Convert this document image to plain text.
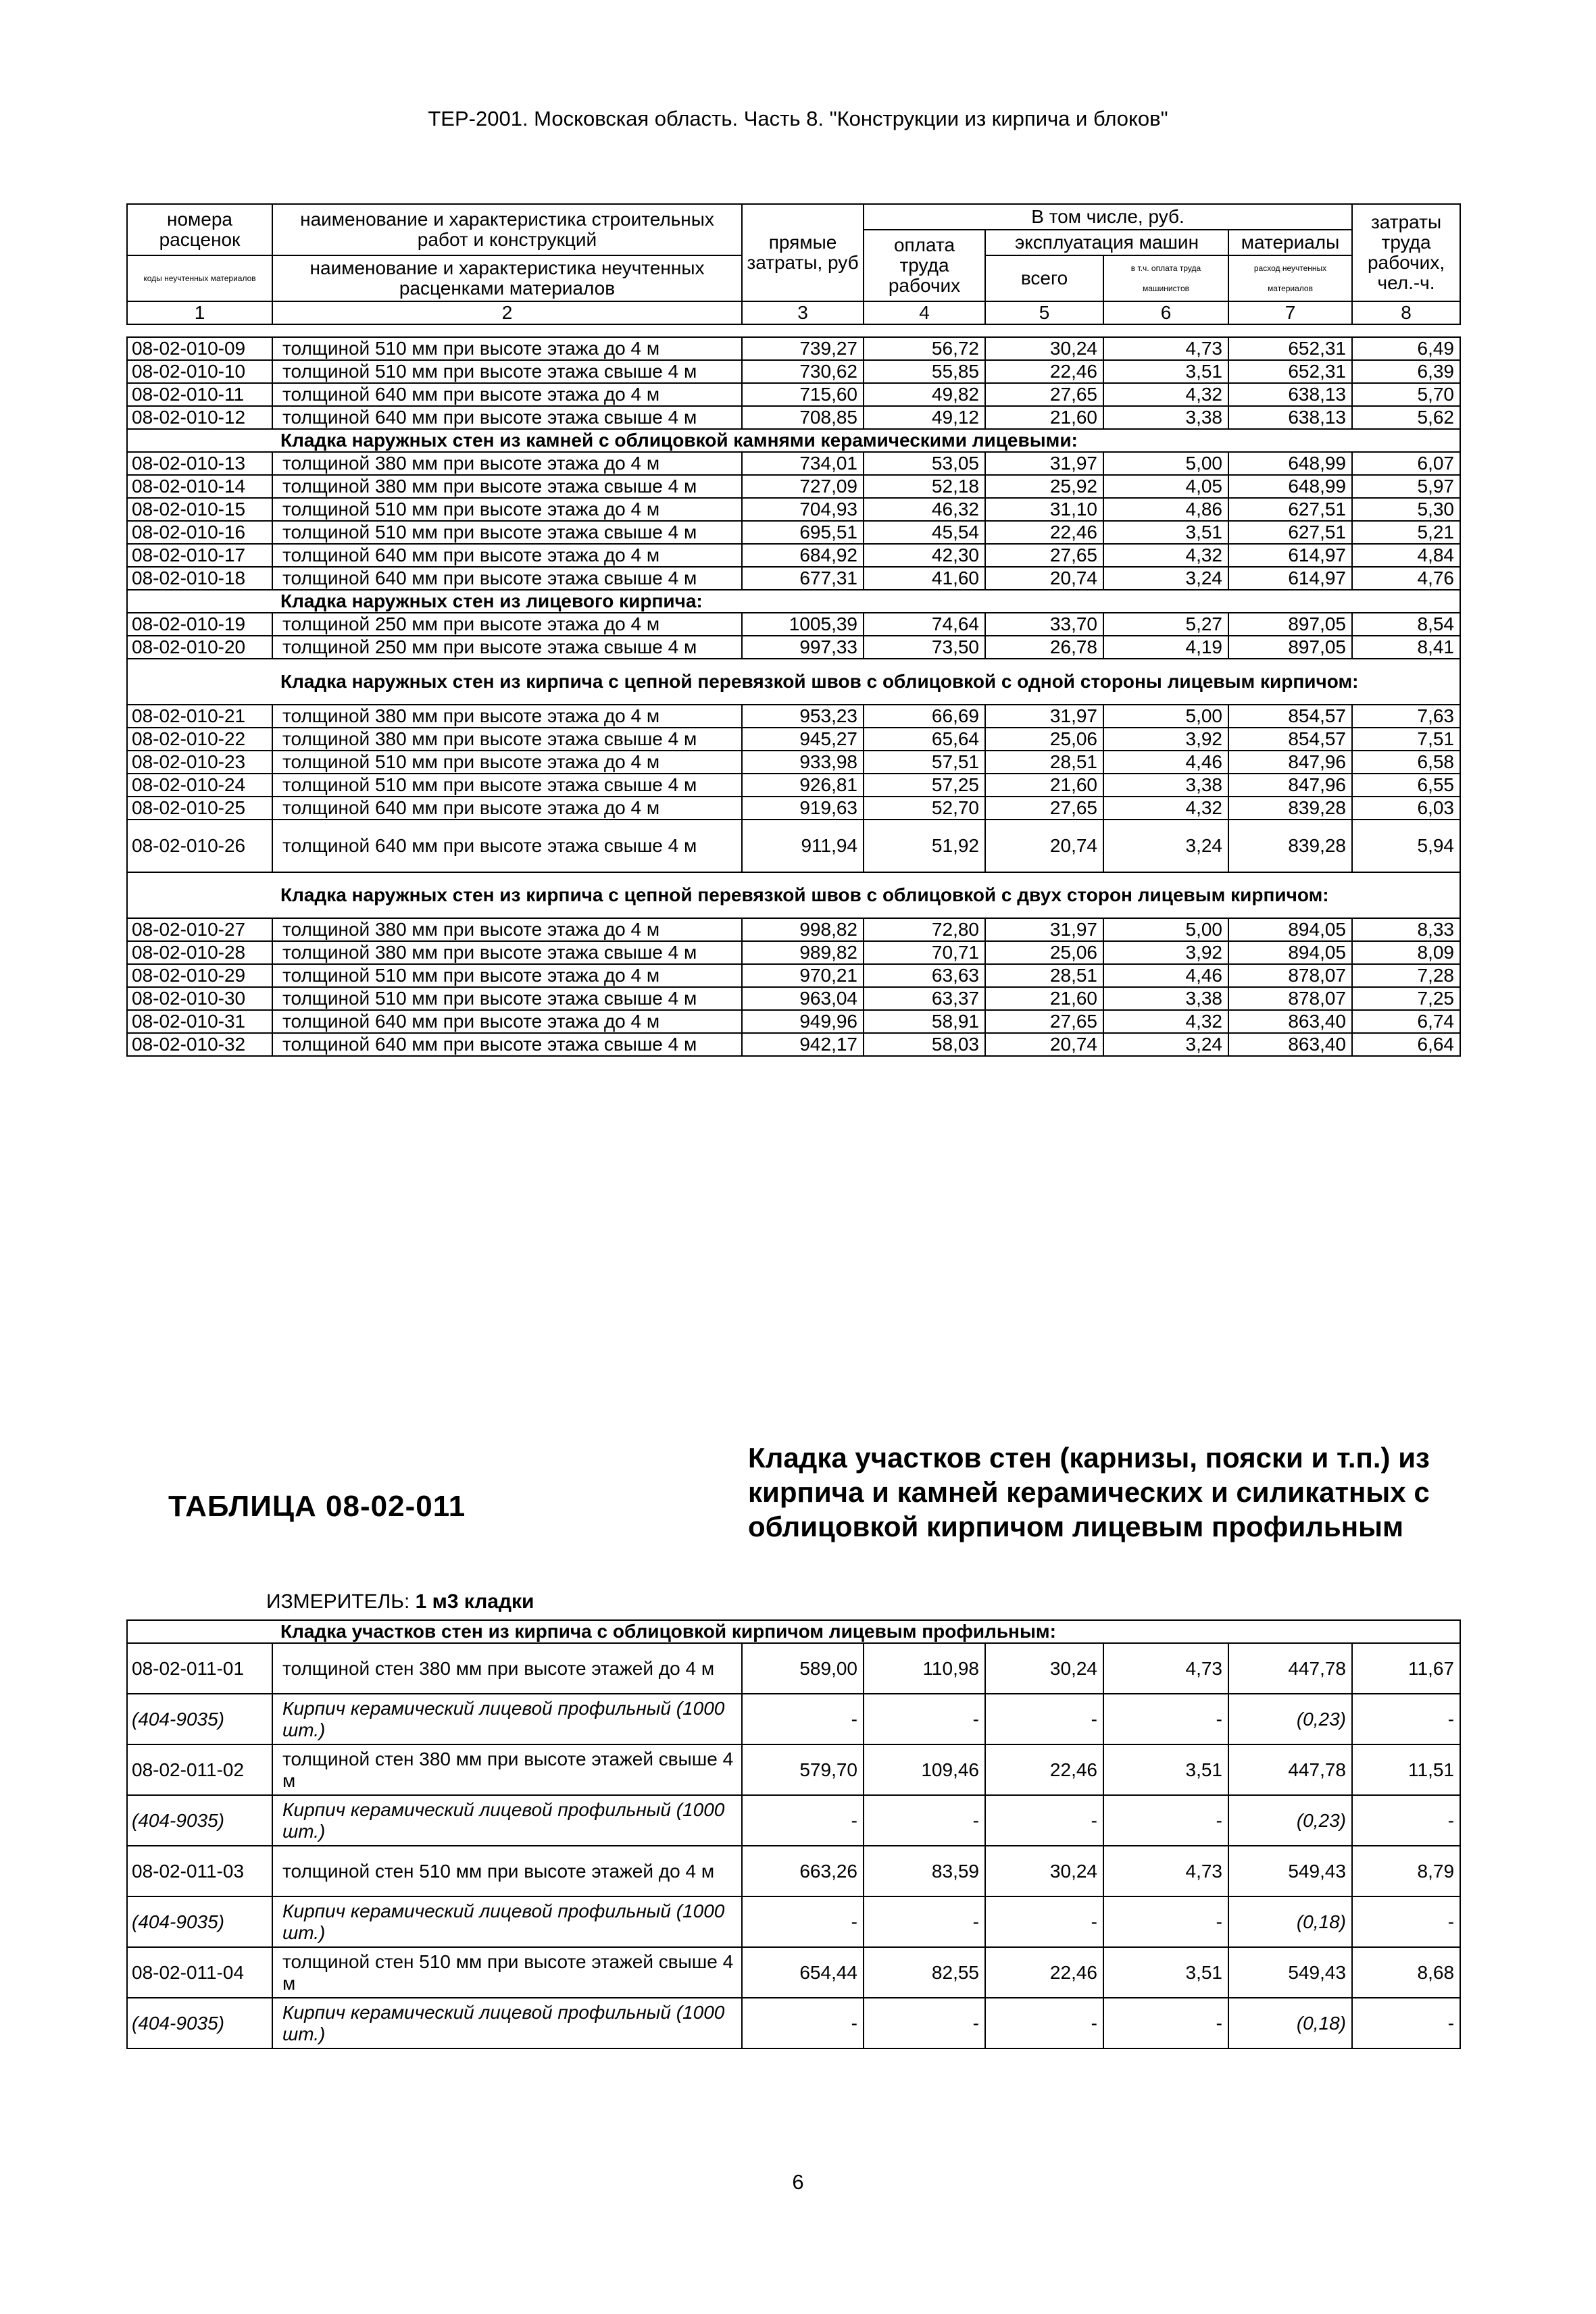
ТЕР-2001. Московская область. Часть 8. "Конструкции из кирпича и блоков"
номера расценок	наименование и характеристика строительных работ и конструкций	прямые затраты, руб	В том числе, руб.				затраты труда рабочих, чел.-ч.
			оплата труда рабочих	эксплуатация машин		материалы	
коды неучтенных материалов	наименование и характеристика неучтенных расценками материалов			всего	в т.ч. оплата труда машинистов	расход неучтенных материалов	

1	2	3	4	5	6	7	8
08-02-010-09	толщиной 510 мм при высоте этажа до 4 м	739,27	56,72	30,24	4,73	652,31	6,49
08-02-010-10	толщиной 510 мм при высоте этажа свыше 4 м	730,62	55,85	22,46	3,51	652,31	6,39
08-02-010-11	толщиной 640 мм при высоте этажа до 4 м	715,60	49,82	27,65	4,32	638,13	5,70
08-02-010-12	толщиной 640 мм при высоте этажа свыше 4 м	708,85	49,12	21,60	3,38	638,13	5,62
Кладка наружных стен из камней с облицовкой камнями керамическими лицевыми:							
08-02-010-13	толщиной 380 мм при высоте этажа до 4 м	734,01	53,05	31,97	5,00	648,99	6,07
08-02-010-14	толщиной 380 мм при высоте этажа свыше 4 м	727,09	52,18	25,92	4,05	648,99	5,97
08-02-010-15	толщиной 510 мм при высоте этажа до 4 м	704,93	46,32	31,10	4,86	627,51	5,30
08-02-010-16	толщиной 510 мм при высоте этажа свыше 4 м	695,51	45,54	22,46	3,51	627,51	5,21
08-02-010-17	толщиной 640 мм при высоте этажа до 4 м	684,92	42,30	27,65	4,32	614,97	4,84
08-02-010-18	толщиной 640 мм при высоте этажа свыше 4 м	677,31	41,60	20,74	3,24	614,97	4,76
Кладка наружных стен из лицевого кирпича:							
08-02-010-19	толщиной 250 мм при высоте этажа до 4 м	1005,39	74,64	33,70	5,27	897,05	8,54
08-02-010-20	толщиной 250 мм при высоте этажа свыше 4 м	997,33	73,50	26,78	4,19	897,05	8,41
Кладка наружных стен из кирпича с цепной перевязкой швов с облицовкой с одной стороны лицевым кирпичом:							
08-02-010-21	толщиной 380 мм при высоте этажа до 4 м	953,23	66,69	31,97	5,00	854,57	7,63
08-02-010-22	толщиной 380 мм при высоте этажа свыше 4 м	945,27	65,64	25,06	3,92	854,57	7,51
08-02-010-23	толщиной 510 мм при высоте этажа до 4 м	933,98	57,51	28,51	4,46	847,96	6,58
08-02-010-24	толщиной 510 мм при высоте этажа свыше 4 м	926,81	57,25	21,60	3,38	847,96	6,55
08-02-010-25	толщиной 640 мм при высоте этажа до 4 м	919,63	52,70	27,65	4,32	839,28	6,03
08-02-010-26	толщиной 640 мм при высоте этажа свыше 4 м	911,94	51,92	20,74	3,24	839,28	5,94
Кладка наружных стен из кирпича с цепной перевязкой швов с облицовкой с двух сторон лицевым кирпичом:							
08-02-010-27	толщиной 380 мм при высоте этажа до 4 м	998,82	72,80	31,97	5,00	894,05	8,33
08-02-010-28	толщиной 380 мм при высоте этажа свыше 4 м	989,82	70,71	25,06	3,92	894,05	8,09
08-02-010-29	толщиной 510 мм при высоте этажа до 4 м	970,21	63,63	28,51	4,46	878,07	7,28
08-02-010-30	толщиной 510 мм при высоте этажа свыше 4 м	963,04	63,37	21,60	3,38	878,07	7,25
08-02-010-31	толщиной 640 мм при высоте этажа до 4 м	949,96	58,91	27,65	4,32	863,40	6,74
08-02-010-32	толщиной 640 мм при высоте этажа свыше 4 м	942,17	58,03	20,74	3,24	863,40	6,64
ТАБЛИЦА 08-02-011
Кладка участков стен (карнизы, пояски и т.п.) из кирпича и камней керамических и силикатных с облицовкой кирпичом лицевым профильным
ИЗМЕРИТЕЛЬ: 1 м3 кладки
Кладка участков стен из кирпича с облицовкой кирпичом лицевым профильным:							
08-02-011-01	толщиной стен 380 мм при высоте этажей до 4 м	589,00	110,98	30,24	4,73	447,78	11,67
(404-9035)	Кирпич керамический лицевой профильный (1000 шт.)	-	-	-	-	(0,23)	-
08-02-011-02	толщиной стен 380 мм при высоте этажей свыше 4 м	579,70	109,46	22,46	3,51	447,78	11,51
(404-9035)	Кирпич керамический лицевой профильный (1000 шт.)	-	-	-	-	(0,23)	-
08-02-011-03	толщиной стен 510 мм при высоте этажей до 4 м	663,26	83,59	30,24	4,73	549,43	8,79
(404-9035)	Кирпич керамический лицевой профильный (1000 шт.)	-	-	-	-	(0,18)	-
08-02-011-04	толщиной стен 510 мм при высоте этажей свыше 4 м	654,44	82,55	22,46	3,51	549,43	8,68
(404-9035)	Кирпич керамический лицевой профильный (1000 шт.)	-	-	-	-	(0,18)	-
6
